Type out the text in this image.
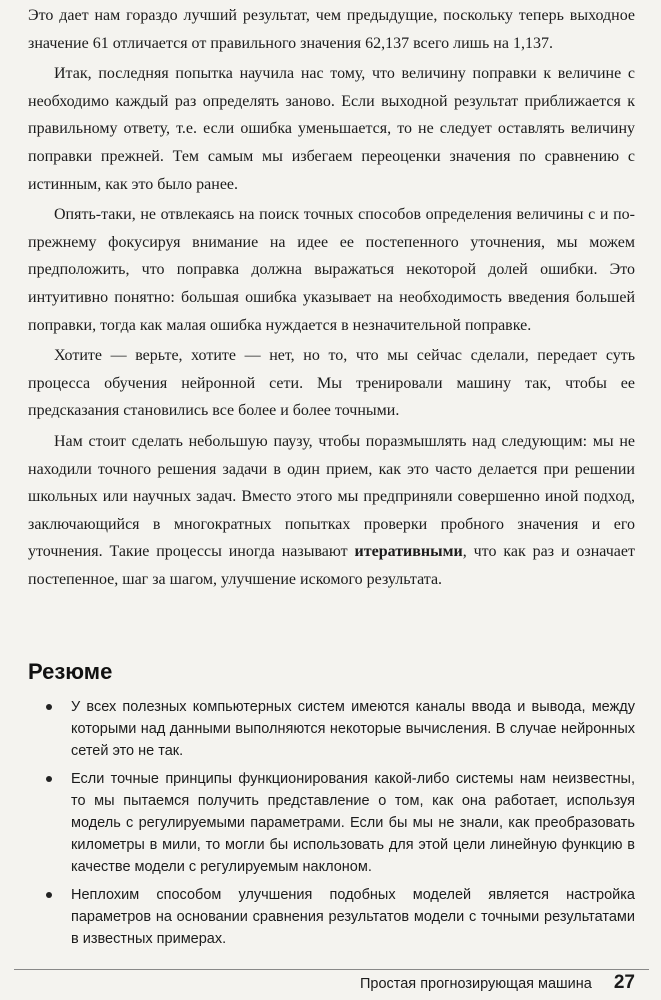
Это дает нам гораздо лучший результат, чем предыдущие, поскольку теперь выходное значение 61 отличается от правильного значения 62,137 всего лишь на 1,137.

Итак, последняя попытка научила нас тому, что величину поправки к величине с необходимо каждый раз определять заново. Если выходной результат приближается к правильному ответу, т.е. если ошибка уменьшается, то не следует оставлять величину поправки прежней. Тем самым мы избегаем переоценки значения по сравнению с истинным, как это было ранее.

Опять-таки, не отвлекаясь на поиск точных способов определения величины с и по-прежнему фокусируя внимание на идее ее постепенного уточнения, мы можем предположить, что поправка должна выражаться некоторой долей ошибки. Это интуитивно понятно: большая ошибка указывает на необходимость введения большей поправки, тогда как малая ошибка нуждается в незначительной поправке.

Хотите — верьте, хотите — нет, но то, что мы сейчас сделали, передает суть процесса обучения нейронной сети. Мы тренировали машину так, чтобы ее предсказания становились все более и более точными.

Нам стоит сделать небольшую паузу, чтобы поразмышлять над следующим: мы не находили точного решения задачи в один прием, как это часто делается при решении школьных или научных задач. Вместо этого мы предприняли совершенно иной подход, заключающийся в многократных попытках проверки пробного значения и его уточнения. Такие процессы иногда называют итеративными, что как раз и означает постепенное, шаг за шагом, улучшение искомого результата.

Резюме
У всех полезных компьютерных систем имеются каналы ввода и вывода, между которыми над данными выполняются некоторые вычисления. В случае нейронных сетей это не так.
Если точные принципы функционирования какой-либо системы нам неизвестны, то мы пытаемся получить представление о том, как она работает, используя модель с регулируемыми параметрами. Если бы мы не знали, как преобразовать километры в мили, то могли бы использовать для этой цели линейную функцию в качестве модели с регулируемым наклоном.
Неплохим способом улучшения подобных моделей является настройка параметров на основании сравнения результатов модели с точными результатами в известных примерах.
Простая прогнозирующая машина 27
